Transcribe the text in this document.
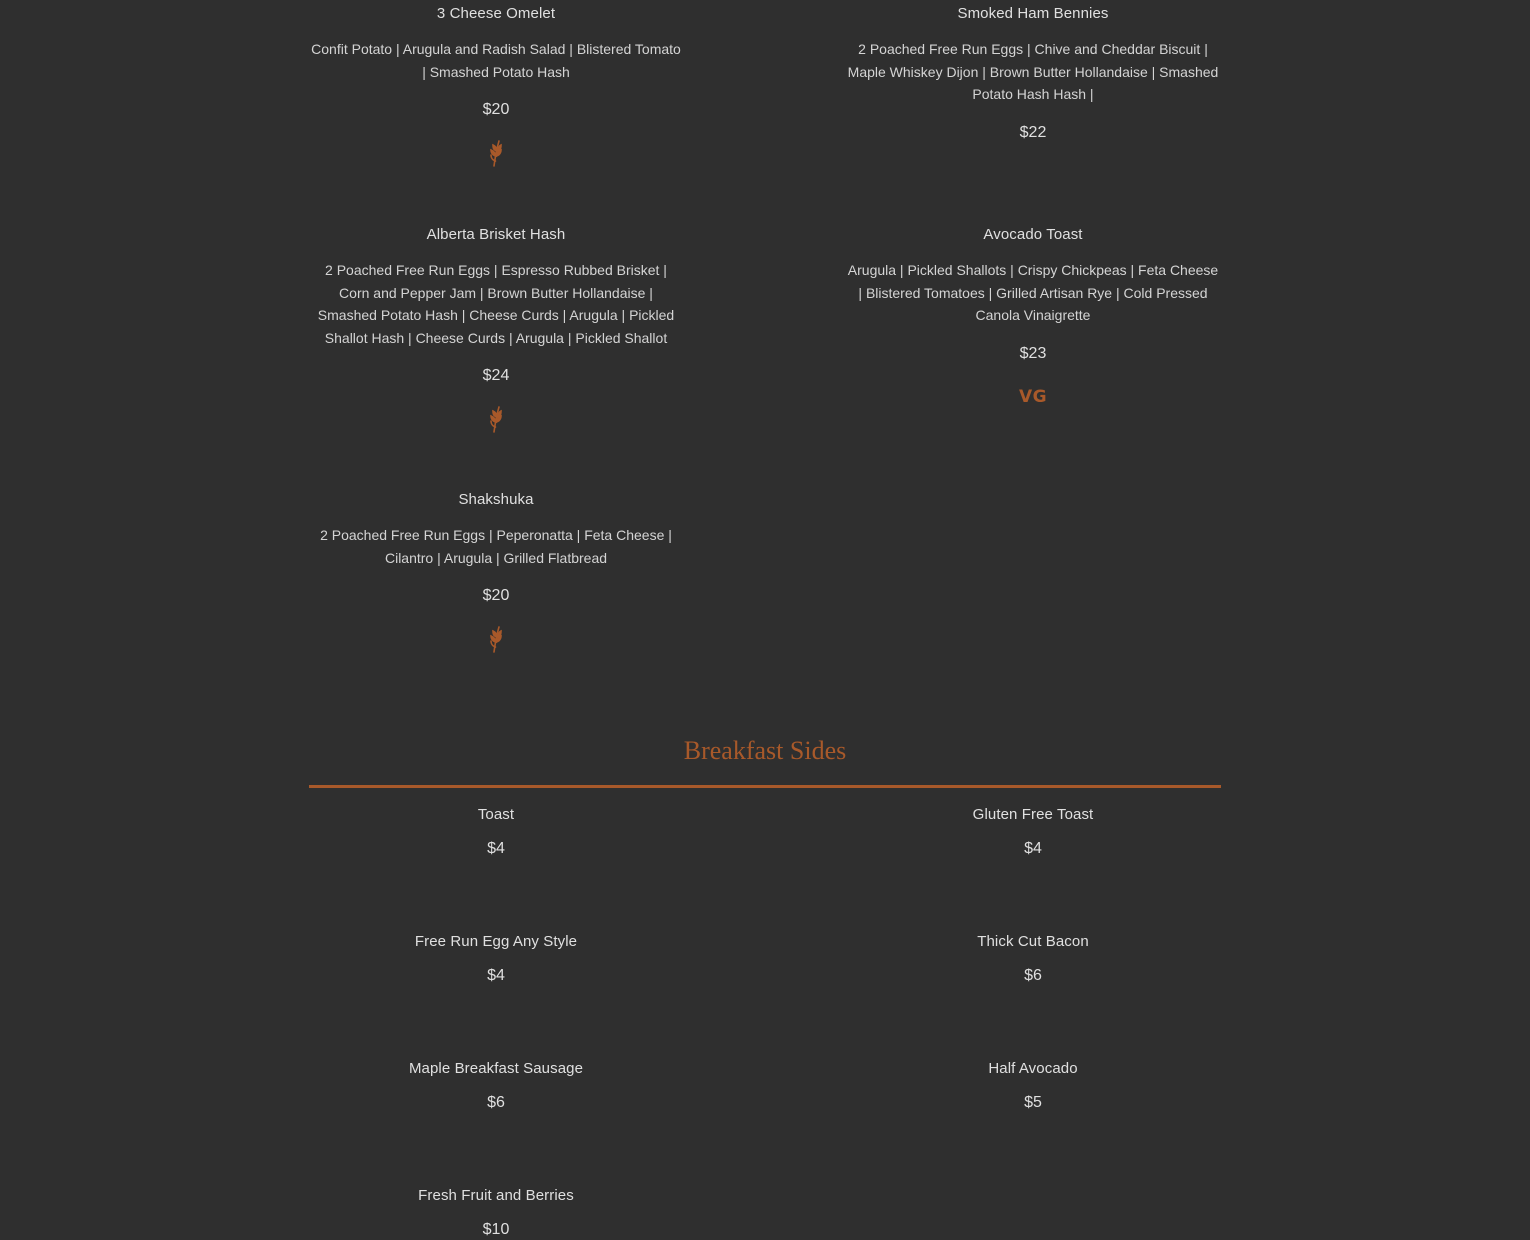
3 Cheese Omelet
Confit Potato | Arugula and Radish Salad | Blistered Tomato | Smashed Potato Hash
$20
Smoked Ham Bennies
2 Poached Free Run Eggs | Chive and Cheddar Biscuit | Maple Whiskey Dijon | Brown Butter Hollandaise | Smashed Potato Hash Hash |
$22
Alberta Brisket Hash
2 Poached Free Run Eggs | Espresso Rubbed Brisket | Corn and Pepper Jam | Brown Butter Hollandaise | Smashed Potato Hash | Cheese Curds | Arugula | Pickled Shallot Hash | Cheese Curds | Arugula | Pickled Shallot
$24
Avocado Toast
Arugula | Pickled Shallots | Crispy Chickpeas | Feta Cheese | Blistered Tomatoes | Grilled Artisan Rye | Cold Pressed Canola Vinaigrette
$23
VG
Shakshuka
2 Poached Free Run Eggs | Peperonatta | Feta Cheese | Cilantro | Arugula | Grilled Flatbread
$20
Breakfast Sides
Toast
$4
Gluten Free Toast
$4
Free Run Egg Any Style
$4
Thick Cut Bacon
$6
Maple Breakfast Sausage
$6
Half Avocado
$5
Fresh Fruit and Berries
$10
